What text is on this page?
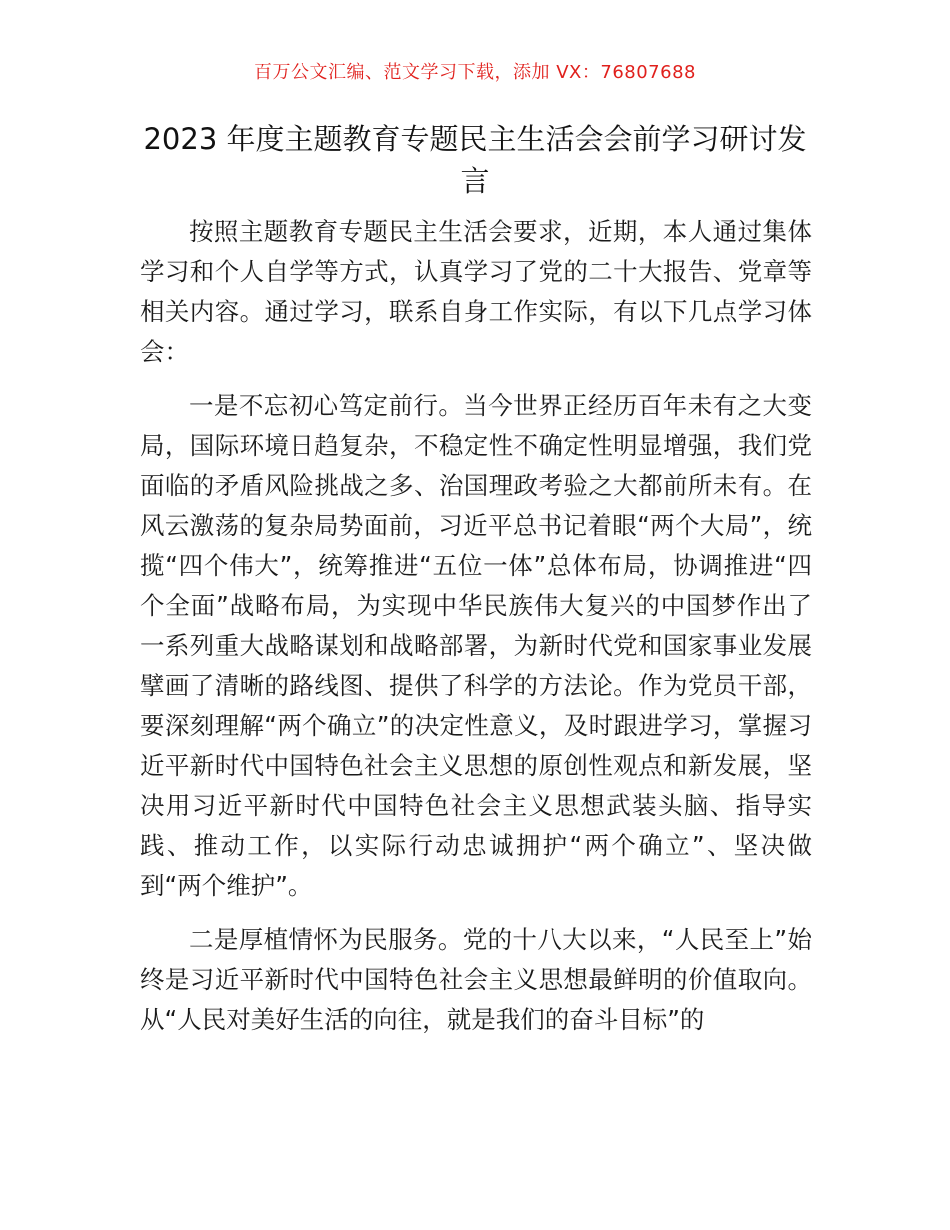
百万公文汇编、范文学习下载，添加 VX：76807688
2023 年度主题教育专题民主生活会会前学习研讨发言

按照主题教育专题民主生活会要求，近期，本人通过集体学习和个人自学等方式，认真学习了党的二十大报告、党章等相关内容。通过学习，联系自身工作实际，有以下几点学习体会：

一是不忘初心笃定前行。当今世界正经历百年未有之大变局，国际环境日趋复杂，不稳定性不确定性明显增强，我们党面临的矛盾风险挑战之多、治国理政考验之大都前所未有。在风云激荡的复杂局势面前，习近平总书记着眼“两个大局”，统揽“四个伟大”，统筹推进“五位一体”总体布局，协调推进“四个全面”战略布局，为实现中华民族伟大复兴的中国梦作出了一系列重大战略谋划和战略部署，为新时代党和国家事业发展擘画了清晰的路线图、提供了科学的方法论。作为党员干部，要深刻理解“两个确立”的决定性意义，及时跟进学习，掌握习近平新时代中国特色社会主义思想的原创性观点和新发展，坚决用习近平新时代中国特色社会主义思想武装头脑、指导实践、推动工作，以实际行动忠诚拥护“两个确立”、坚决做到“两个维护”。

二是厚植情怀为民服务。党的十八大以来，“人民至上”始终是习近平新时代中国特色社会主义思想最鲜明的价值取向。从“人民对美好生活的向往，就是我们的奋斗目标”的
